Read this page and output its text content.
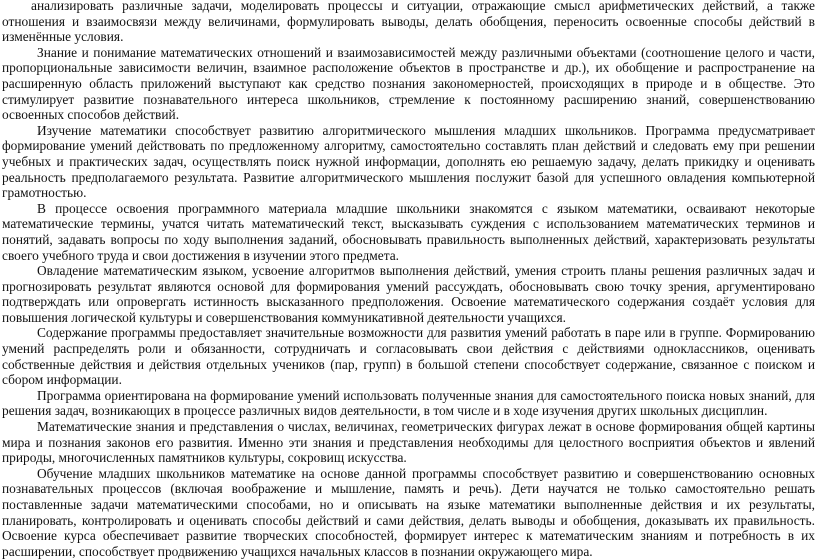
анализировать различные задачи, моделировать процессы и ситуации, отражающие смысл арифметических действий, а также отношения и взаимосвязи между величинами, формулировать выводы, делать обобщения, переносить освоенные способы действий в изменённые условия.

Знание и понимание математических отношений и взаимозависимостей между различными объектами (соотношение целого и части, пропорциональные зависимости величин, взаимное расположение объектов в пространстве и др.), их обобщение и распространение на расширенную область приложений выступают как средство познания закономерностей, происходящих в природе и в обществе. Это стимулирует развитие познавательного интереса школьников, стремление к постоянному расширению знаний, совершенствованию освоенных способов действий.

Изучение математики способствует развитию алгоритмического мышления младших школьников. Программа предусматривает формирование умений действовать по предложенному алгоритму, самостоятельно составлять план действий и следовать ему при решении учебных и практических задач, осуществлять поиск нужной информации, дополнять ею решаемую задачу, делать прикидку и оценивать реальность предполагаемого результата. Развитие алгоритмического мышления послужит базой для успешного овладения компьютерной грамотностью.

В процессе освоения программного материала младшие школьники знакомятся с языком математики, осваивают некоторые математические термины, учатся читать математический текст, высказывать суждения с использованием математических терминов и понятий, задавать вопросы по ходу выполнения заданий, обосновывать правильность выполненных действий, характеризовать результаты своего учебного труда и свои достижения в изучении этого предмета.

Овладение математическим языком, усвоение алгоритмов выполнения действий, умения строить планы решения различных задач и прогнозировать результат являются основой для формирования умений рассуждать, обосновывать свою точку зрения, аргументировано подтверждать или опровергать истинность высказанного предположения. Освоение математического содержания создаёт условия для повышения логической культуры и совершенствования коммуникативной деятельности учащихся.

Содержание программы предоставляет значительные возможности для развития умений работать в паре или в группе. Формированию умений распределять роли и обязанности, сотрудничать и согласовывать свои действия с действиями одноклассников, оценивать собственные действия и действия отдельных учеников (пар, групп) в большой степени способствует содержание, связанное с поиском и сбором информации.

Программа ориентирована на формирование умений использовать полученные знания для самостоятельного поиска новых знаний, для решения задач, возникающих в процессе различных видов деятельности, в том числе и в ходе изучения других школьных дисциплин.

Математические знания и представления о числах, величинах, геометрических фигурах лежат в основе формирования общей картины мира и познания законов его развития. Именно эти знания и представления необходимы для целостного восприятия объектов и явлений природы, многочисленных памятников культуры, сокровищ искусства.

Обучение младших школьников математике на основе данной программы способствует развитию и совершенствованию основных познавательных процессов (включая воображение и мышление, память и речь). Дети научатся не только самостоятельно решать поставленные задачи математическими способами, но и описывать на языке математики выполненные действия и их результаты, планировать, контролировать и оценивать способы действий и сами действия, делать выводы и обобщения, доказывать их правильность. Освоение курса обеспечивает развитие творческих способностей, формирует интерес к математическим знаниям и потребность в их расширении, способствует продвижению учащихся начальных классов в познании окружающего мира.
